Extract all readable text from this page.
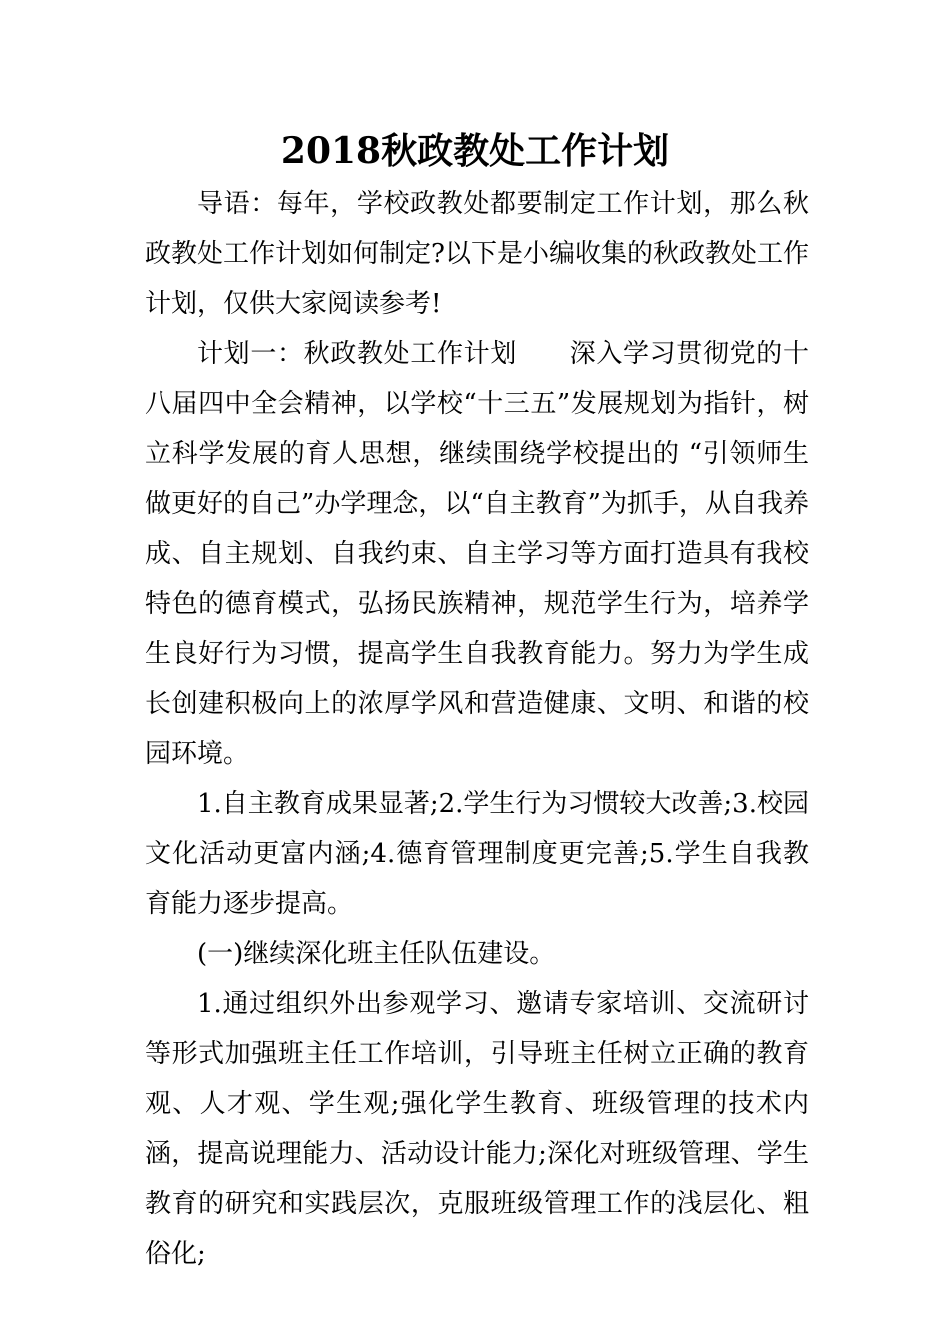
2018秋政教处工作计划

导语：每年，学校政教处都要制定工作计划，那么秋政教处工作计划如何制定?以下是小编收集的秋政教处工作计划，仅供大家阅读参考!

计划一：秋政教处工作计划 深入学习贯彻党的十八届四中全会精神，以学校“十三五”发展规划为指针，树立科学发展的育人思想，继续围绕学校提出的 “引领师生做更好的自己”办学理念，以“自主教育”为抓手，从自我养成、自主规划、自我约束、自主学习等方面打造具有我校特色的德育模式，弘扬民族精神，规范学生行为，培养学生良好行为习惯，提高学生自我教育能力。努力为学生成长创建积极向上的浓厚学风和营造健康、文明、和谐的校园环境。

1.自主教育成果显著;2.学生行为习惯较大改善;3.校园文化活动更富内涵;4.德育管理制度更完善;5.学生自我教育能力逐步提高。

(一)继续深化班主任队伍建设。

1.通过组织外出参观学习、邀请专家培训、交流研讨等形式加强班主任工作培训，引导班主任树立正确的教育观、人才观、学生观;强化学生教育、班级管理的技术内涵，提高说理能力、活动设计能力;深化对班级管理、学生教育的研究和实践层次，克服班级管理工作的浅层化、粗俗化;
